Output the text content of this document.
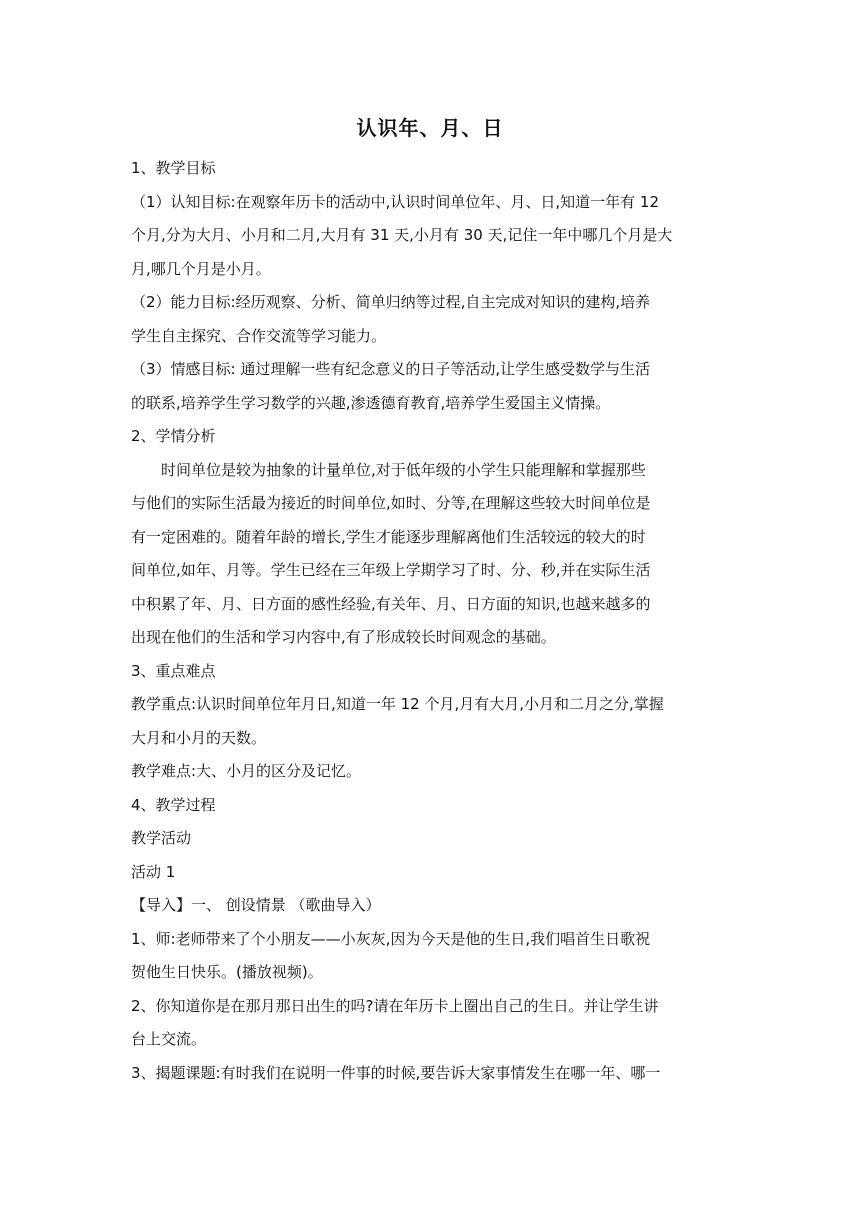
认识年、月、日
1、教学目标
（1）认知目标:在观察年历卡的活动中,认识时间单位年、月、日,知道一年有 12
个月,分为大月、小月和二月,大月有 31 天,小月有 30 天,记住一年中哪几个月是大
月,哪几个月是小月。
（2）能力目标:经历观察、分析、简单归纳等过程,自主完成对知识的建构,培养
学生自主探究、合作交流等学习能力。
（3）情感目标: 通过理解一些有纪念意义的日子等活动,让学生感受数学与生活
的联系,培养学生学习数学的兴趣,渗透德育教育,培养学生爱国主义情操。
2、学情分析
时间单位是较为抽象的计量单位,对于低年级的小学生只能理解和掌握那些
与他们的实际生活最为接近的时间单位,如时、分等,在理解这些较大时间单位是
有一定困难的。随着年龄的增长,学生才能逐步理解离他们生活较远的较大的时
间单位,如年、月等。学生已经在三年级上学期学习了时、分、秒,并在实际生活
中积累了年、月、日方面的感性经验,有关年、月、日方面的知识,也越来越多的
出现在他们的生活和学习内容中,有了形成较长时间观念的基础。
3、重点难点
教学重点:认识时间单位年月日,知道一年 12 个月,月有大月,小月和二月之分,掌握
大月和小月的天数。
教学难点:大、小月的区分及记忆。
4、教学过程
教学活动
活动 1
【导入】一、 创设情景 （歌曲导入）
1、师:老师带来了个小朋友——小灰灰,因为今天是他的生日,我们唱首生日歌祝
贺他生日快乐。(播放视频)。
2、你知道你是在那月那日出生的吗?请在年历卡上圈出自己的生日。并让学生讲
台上交流。
3、揭题课题:有时我们在说明一件事的时候,要告诉大家事情发生在哪一年、哪一
